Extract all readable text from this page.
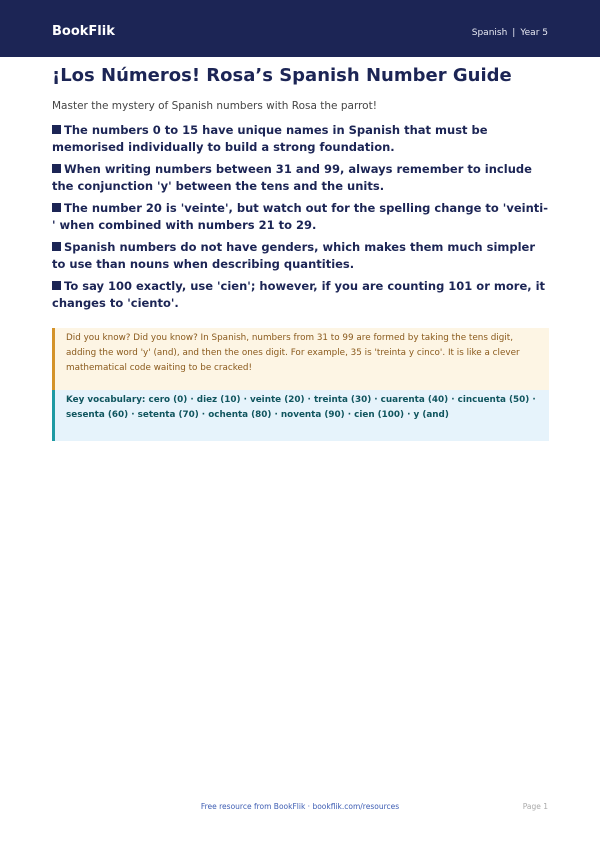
BookFlik	Spanish | Year 5
¡Los Números! Rosa’s Spanish Number Guide
Master the mystery of Spanish numbers with Rosa the parrot!
The numbers 0 to 15 have unique names in Spanish that must be memorised individually to build a strong foundation.
When writing numbers between 31 and 99, always remember to include the conjunction 'y' between the tens and the units.
The number 20 is 'veinte', but watch out for the spelling change to 'veinti-' when combined with numbers 21 to 29.
Spanish numbers do not have genders, which makes them much simpler to use than nouns when describing quantities.
To say 100 exactly, use 'cien'; however, if you are counting 101 or more, it changes to 'ciento'.
Did you know? Did you know? In Spanish, numbers from 31 to 99 are formed by taking the tens digit, adding the word 'y' (and), and then the ones digit. For example, 35 is 'treinta y cinco'. It is like a clever mathematical code waiting to be cracked!
Key vocabulary: cero (0) · diez (10) · veinte (20) · treinta (30) · cuarenta (40) · cincuenta (50) · sesenta (60) · setenta (70) · ochenta (80) · noventa (90) · cien (100) · y (and)
Free resource from BookFlik · bookflik.com/resources	Page 1
